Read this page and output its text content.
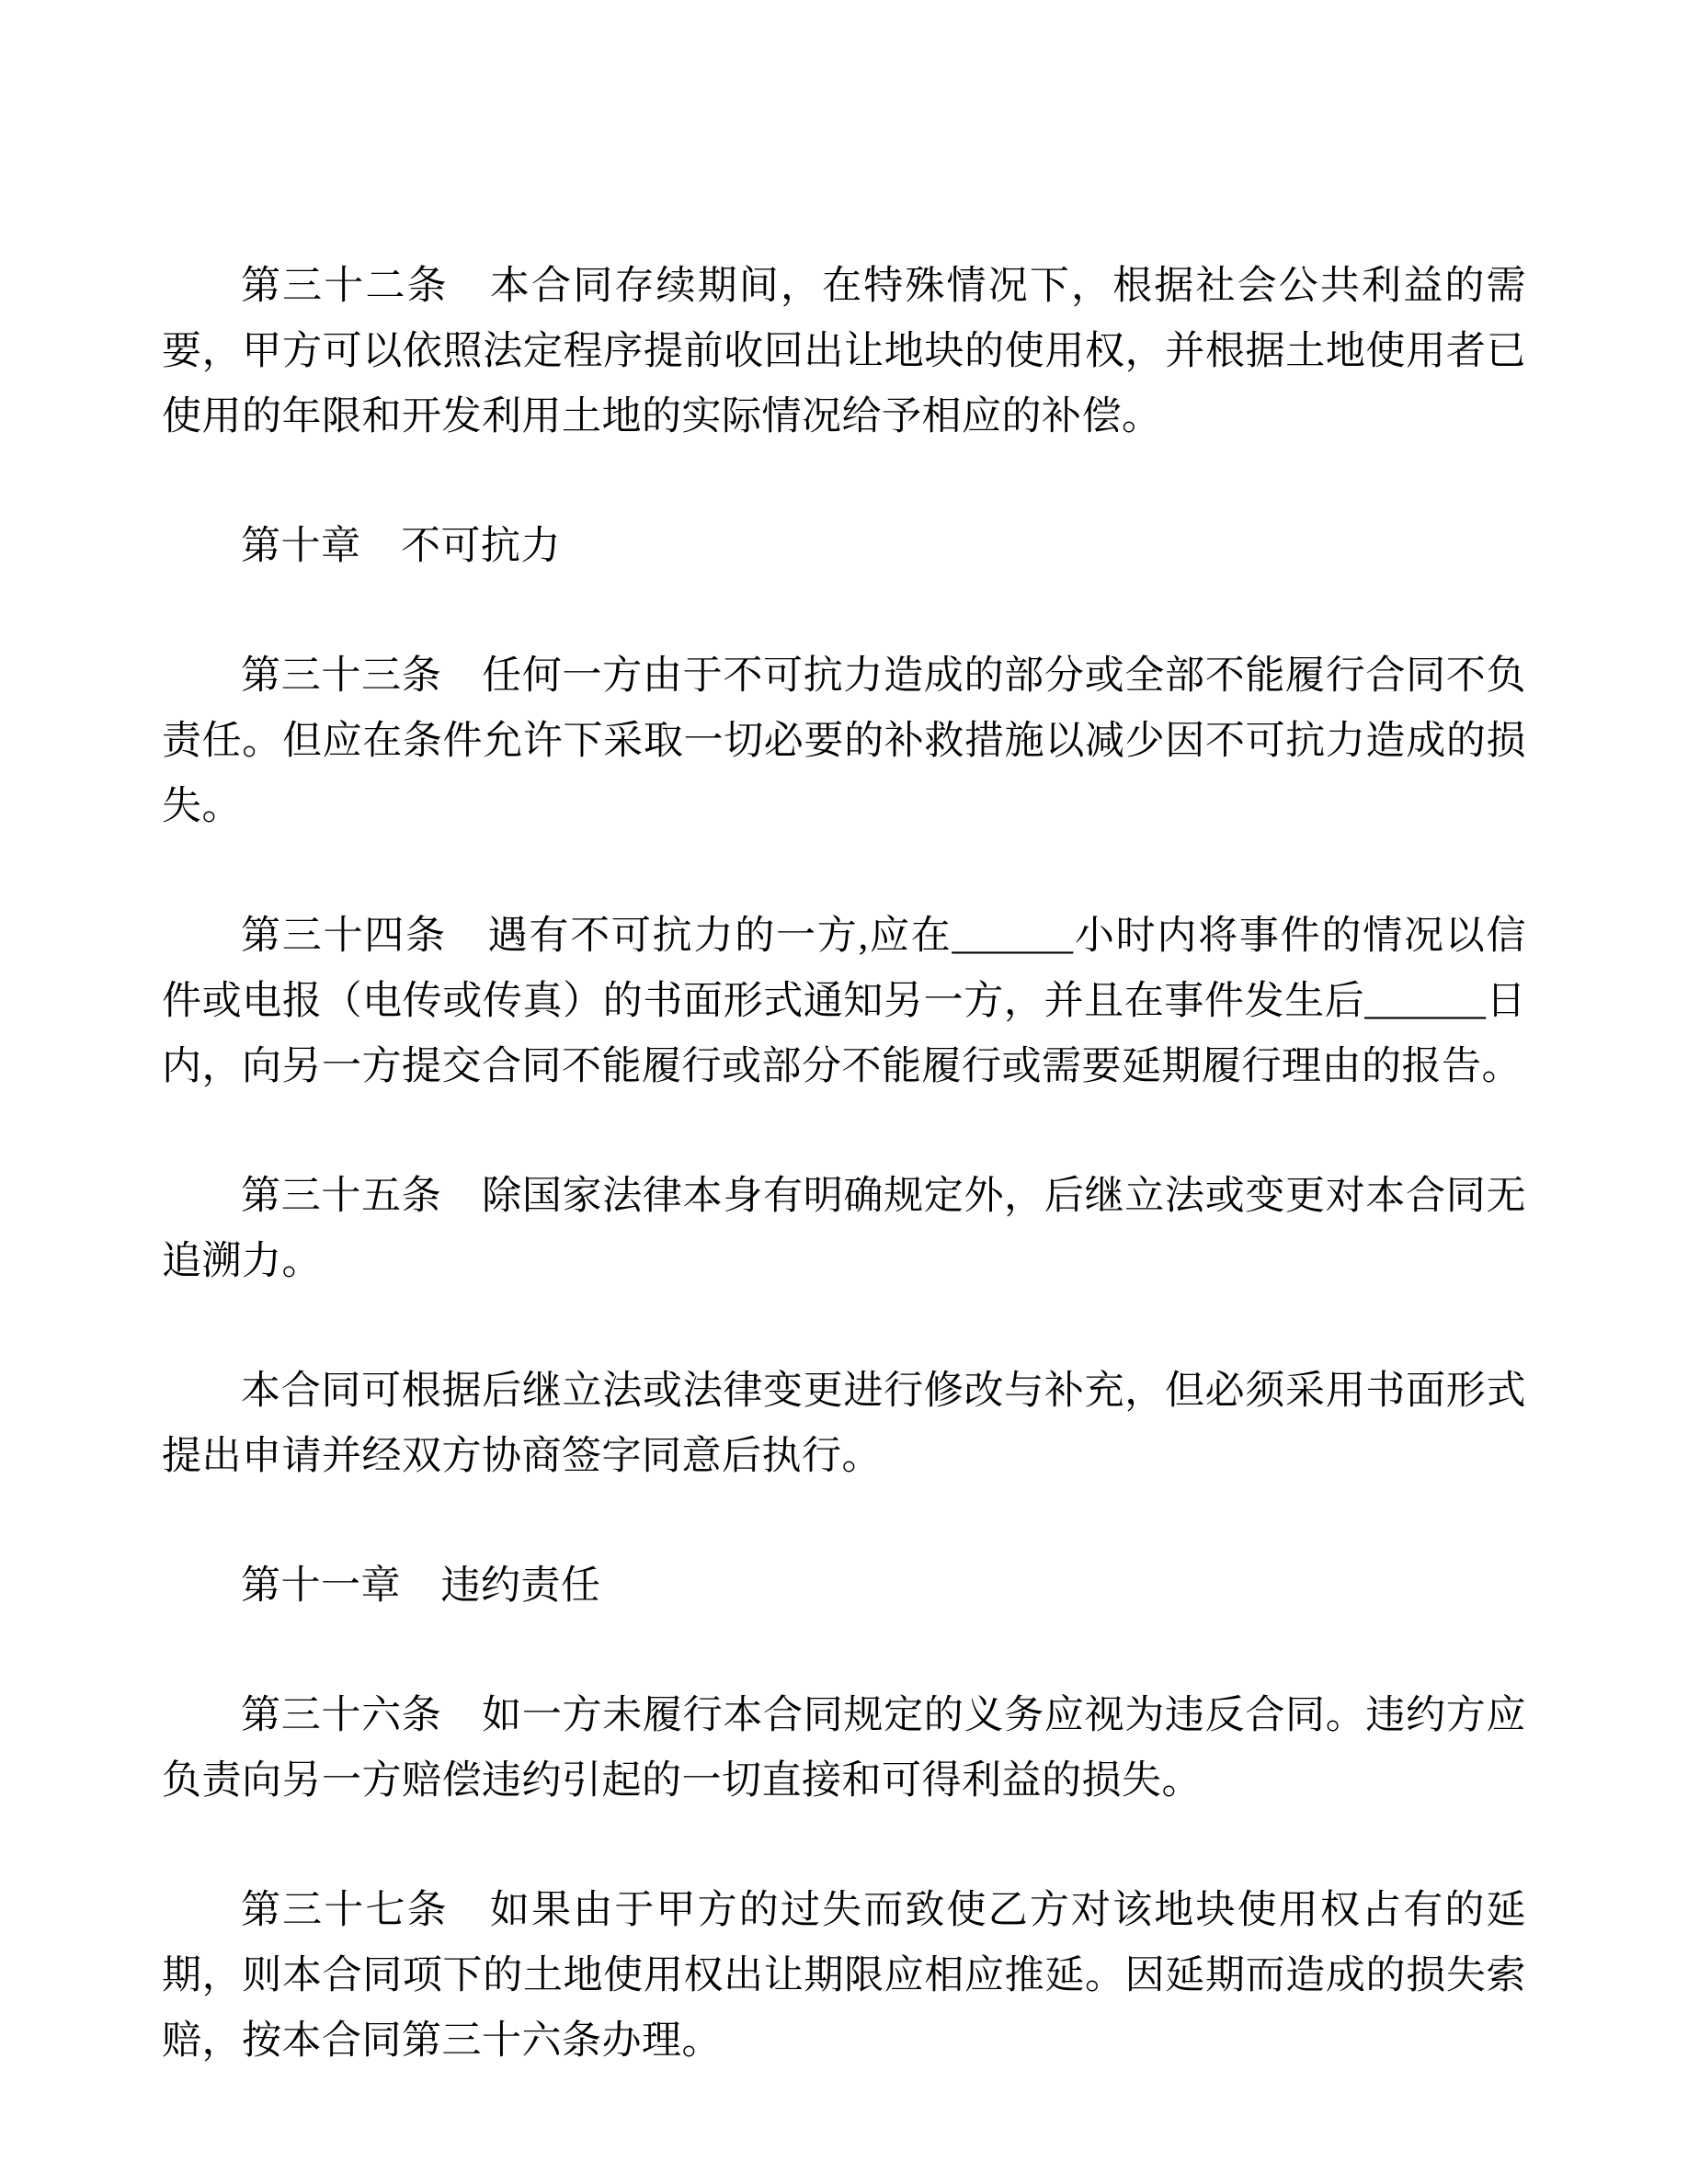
第三十二条　本合同存续期间，在特殊情况下，根据社会公共利益的需要，甲方可以依照法定程序提前收回出让地块的使用权，并根据土地使用者已使用的年限和开发利用土地的实际情况给予相应的补偿。

第十章　不可抗力

第三十三条　任何一方由于不可抗力造成的部分或全部不能履行合同不负责任。但应在条件允许下采取一切必要的补救措施以减少因不可抗力造成的损失。

第三十四条　遇有不可抗力的一方,应在______小时内将事件的情况以信件或电报（电传或传真）的书面形式通知另一方，并且在事件发生后______日内，向另一方提交合同不能履行或部分不能履行或需要延期履行理由的报告。

第三十五条　除国家法律本身有明确规定外，后继立法或变更对本合同无追溯力。

本合同可根据后继立法或法律变更进行修改与补充，但必须采用书面形式提出申请并经双方协商签字同意后执行。

第十一章　违约责任

第三十六条　如一方未履行本合同规定的义务应视为违反合同。违约方应负责向另一方赔偿违约引起的一切直接和可得利益的损失。

第三十七条　如果由于甲方的过失而致使乙方对该地块使用权占有的延期，则本合同项下的土地使用权出让期限应相应推延。因延期而造成的损失索赔，按本合同第三十六条办理。
